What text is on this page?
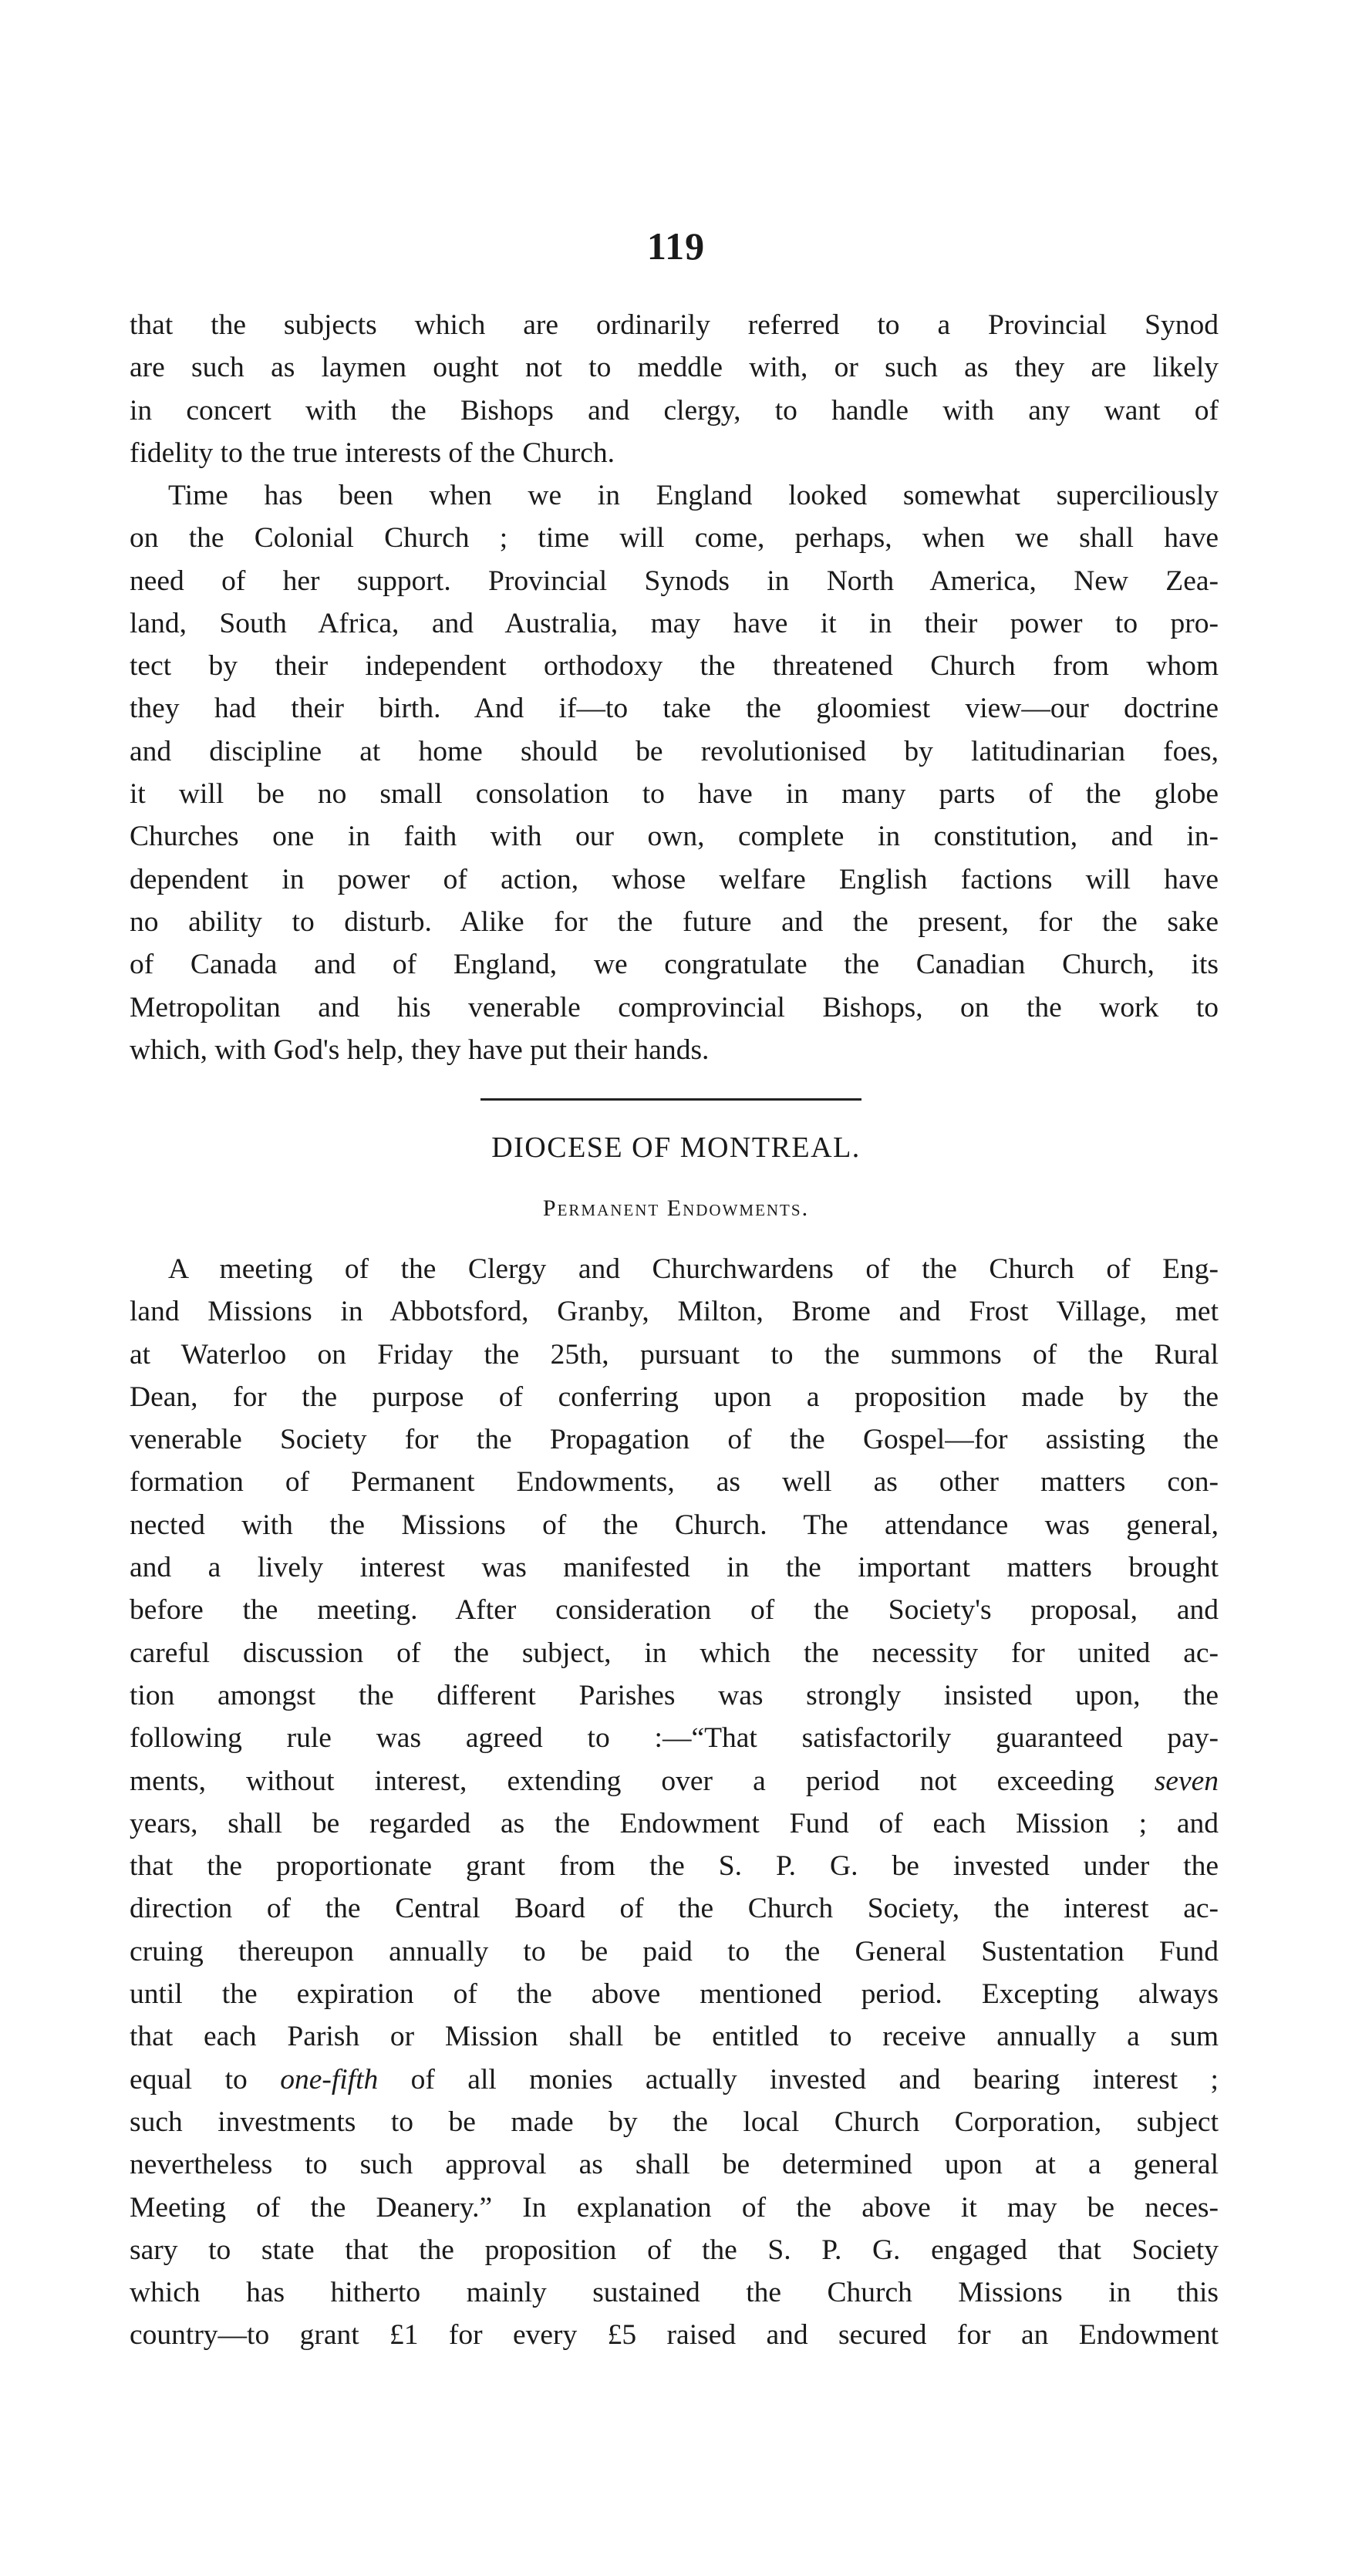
119

that the subjects which are ordinarily referred to a Provincial Synod
are such as laymen ought not to meddle with, or such as they are likely
in concert with the Bishops and clergy, to handle with any want of
fidelity to the true interests of the Church.

Time has been when we in England looked somewhat superciliously
on the Colonial Church ; time will come, perhaps, when we shall have
need of her support. Provincial Synods in North America, New Zea-
land, South Africa, and Australia, may have it in their power to pro-
tect by their independent orthodoxy the threatened Church from whom
they had their birth. And if—to take the gloomiest view—our doctrine
and discipline at home should be revolutionised by latitudinarian foes,
it will be no small consolation to have in many parts of the globe
Churches one in faith with our own, complete in constitution, and in-
dependent in power of action, whose welfare English factions will have
no ability to disturb. Alike for the future and the present, for the sake
of Canada and of England, we congratulate the Canadian Church, its
Metropolitan and his venerable comprovincial Bishops, on the work to
which, with God's help, they have put their hands.

DIOCESE OF MONTREAL.
Permanent Endowments.

A meeting of the Clergy and Churchwardens of the Church of Eng-
land Missions in Abbotsford, Granby, Milton, Brome and Frost Village, met
at Waterloo on Friday the 25th, pursuant to the summons of the Rural
Dean, for the purpose of conferring upon a proposition made by the
venerable Society for the Propagation of the Gospel—for assisting the
formation of Permanent Endowments, as well as other matters con-
nected with the Missions of the Church. The attendance was general,
and a lively interest was manifested in the important matters brought
before the meeting. After consideration of the Society's proposal, and
careful discussion of the subject, in which the necessity for united ac-
tion amongst the different Parishes was strongly insisted upon, the
following rule was agreed to :—“That satisfactorily guaranteed pay-
ments, without interest, extending over a period not exceeding seven
years, shall be regarded as the Endowment Fund of each Mission ; and
that the proportionate grant from the S. P. G. be invested under the
direction of the Central Board of the Church Society, the interest ac-
cruing thereupon annually to be paid to the General Sustentation Fund
until the expiration of the above mentioned period. Excepting always
that each Parish or Mission shall be entitled to receive annually a sum
equal to one-fifth of all monies actually invested and bearing interest ;
such investments to be made by the local Church Corporation, subject
nevertheless to such approval as shall be determined upon at a general
Meeting of the Deanery.” In explanation of the above it may be neces-
sary to state that the proposition of the S. P. G. engaged that Society
which has hitherto mainly sustained the Church Missions in this
country—to grant £1 for every £5 raised and secured for an Endowment
